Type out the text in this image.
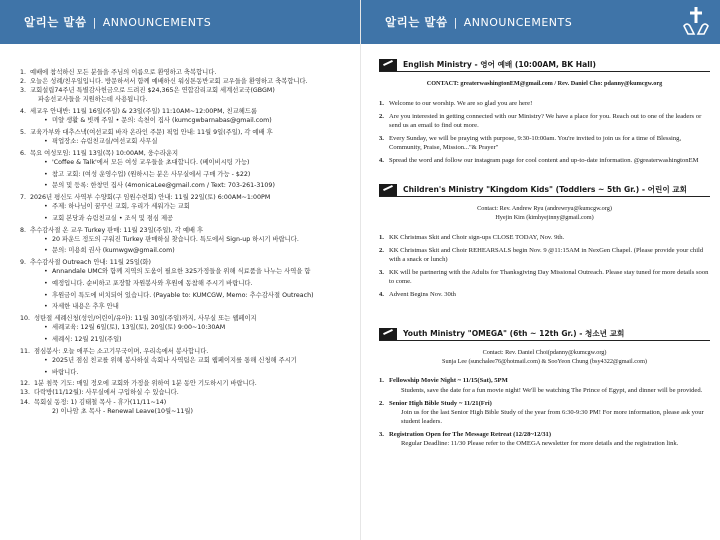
알리는 말씀 | ANNOUNCEMENTS
1. 예배에 참석하신 모든 분들을 주님의 이름으로 환영하고 축복합니다.
2. 오늘은 성례/친우일입니다. 방문하셔서 함께 예배하신 워싱톤동반교회 교우들을 환영하고 축복합니다.
3. 교회설립74주년 특별감사헌금으로 드려진 $24,365은 연합감리교회 세계선교국(GBGM)
파송선교사들을 지원하는데 사용됩니다.
4. 세교우 안내반: 11월 16일(주일) & 23일(주일) 11:10AM~12:00PM, 친교헤드룸
• 미얄 생활 & 빗깨 주일 • 문의: 속천이 집사 (kumcgwbarnabas@gmail.com)
5. 교육가부와 대추스낵(여선교회 바자 온라인 주문) 픽업 안내: 11월 9일(주일), 각 예배 후
• 픽업장소: 슈림친교실/여선교회 사무실
6. 목요 여성모임: 11월 13일(목) 10:00AM, 웅수라운지
• 'Coffee & Talk'에서 모든 여성 교우들을 초대합니다. (베이비시팅 가능)
• 참고 교회: (여성 운영수업) (원하시는 분은 사무실에서 구매 가능 - $22)
• 문의 및 등록: 한창민 집사 (4monicaLee@gmail.com / Text: 703-261-3109)
7. 2026년 평신도 사역부 수양회(구 임원수련회) 안내: 11월 22일(토) 6:00AM~1:00PM
• 주제: 하나님이 꿈꾸신 교회, 우리가 세워가는 교회
• 교회 본당과 슈림친교실 • 조식 및 점심 제공
8. 추수감사절 온 교우 Turkey 판매: 11월 23일(주일), 각 예배 후
• 20 파운드 정도의 구워진 Turkey 판매하실 찾습니다. 특도에서 Sign-up 하시기 바랍니다.
• 문의: 미용희 권사 (kumwgw@gmail.com)
9. 추수감사절 Outreach 안내: 11월 25일(화)
• Annandale UMC와 함께 지역의 도움이 필요한 325가정들을 위해 식료품을 나누는 사역을 함
• 예정입니다. 순비하고 포장할 자원봉사와 후원에 동참해 주시기 바랍니다.
• 후원금이 특도에 비치되어 있습니다. (Payable to: KUMCGW, Memo: 추수감사절 Outreach)
• 자세한 내용은 추후 안내
10. 성탄절 세례신청(성인/어린이/유아): 11월 30일(주일)까지, 사무실 또는 웹페이지
• 세례교육: 12월 6일(토), 13일(토), 20일(토) 9:00~10:30AM
• 세례식: 12월 21일(주일)
11. 점심봉사: 오늘 애푸는 소고기무국이며, 우리속에서 봉사합니다.
• 2025년 점심 친교를 위해 봉사하실 속회나 사역팀은 교회 웹페이지를 통해 신청해 주시기
• 바랍니다.
12. 1분 침묵 기도: 매일 정오에 교회와 가정을 위하여 1분 동안 기도하시기 바랍니다.
13. 다락방(11/12월): 사무실에서 구입하실 수 있습니다.
14. 목회실 동정: 1) 김태철 목사 - 휴가(11/11~14)
2) 이나암 초 목사 - Renewal Leave(10월~11월)
알리는 말씀 | ANNOUNCEMENTS
English Ministry - 영어 예배 (10:00AM, BK Hall)
CONTACT: greaterwashingtonEM@gmail.com / Rev. Daniel Cho: pdanny@kumcgw.org
1. Welcome to our worship. We are so glad you are here!
2. Are you interested in getting connected with our Ministry? We have a place for you. Reach out to one of the leaders or send us an email to find out more.
3. Every Sunday, we will be praying with purpose, 9:30-10:00am. You're invited to join us for a time of Blessing, Community, Praise, Mission..."& Prayer"
4. Spread the word and follow our instagram page for cool content and up-to-date information. @greaterwashingtonEM
Children's Ministry "Kingdom Kids" (Toddlers ~ 5th Gr.) - 어린이 교회
Contact: Rev. Andrew Ryu (andrewryu@kumcgw.org)
Hyejin Kim (kimhyejinny@gmail.com)
1. KK Christmas Skit and Choir sign-ups CLOSE TODAY, Nov. 9th.
2. KK Christmas Skit and Choir REHEARSALS begin Nov. 9 @11:15AM in NexGen Chapel. (Please provide your child with a snack or lunch)
3. KK will be partnering with the Adults for Thanksgiving Day Missional Outreach. Please stay tuned for more details soon to come.
4. Advent Begins Nov. 30th
Youth Ministry "OMEGA" (6th ~ 12th Gr.) - 청소년 교회
Contact: Rev. Daniel Choi(pdanny@kumcgw.org)
Sunja Lee (sunchalee76@hotmail.com) & SooYeon Chung (bsy4322@gmail.com)
1. Fellowship Movie Night ~ 11/15(Sat), 5PM
Students, save the date for a fun movie night! We'll be watching The Prince of Egypt, and dinner will be provided.
2. Senior High Bible Study ~ 11/21(Fri)
Join us for the last Senior High Bible Study of the year from 6:30-9:30 PM! For more information, please ask your student leaders.
3. Registration Open for The Message Retreat (12/28~12/31)
Regular Deadline: 11/30 Please refer to the OMEGA newsletter for more details and the registration link.
